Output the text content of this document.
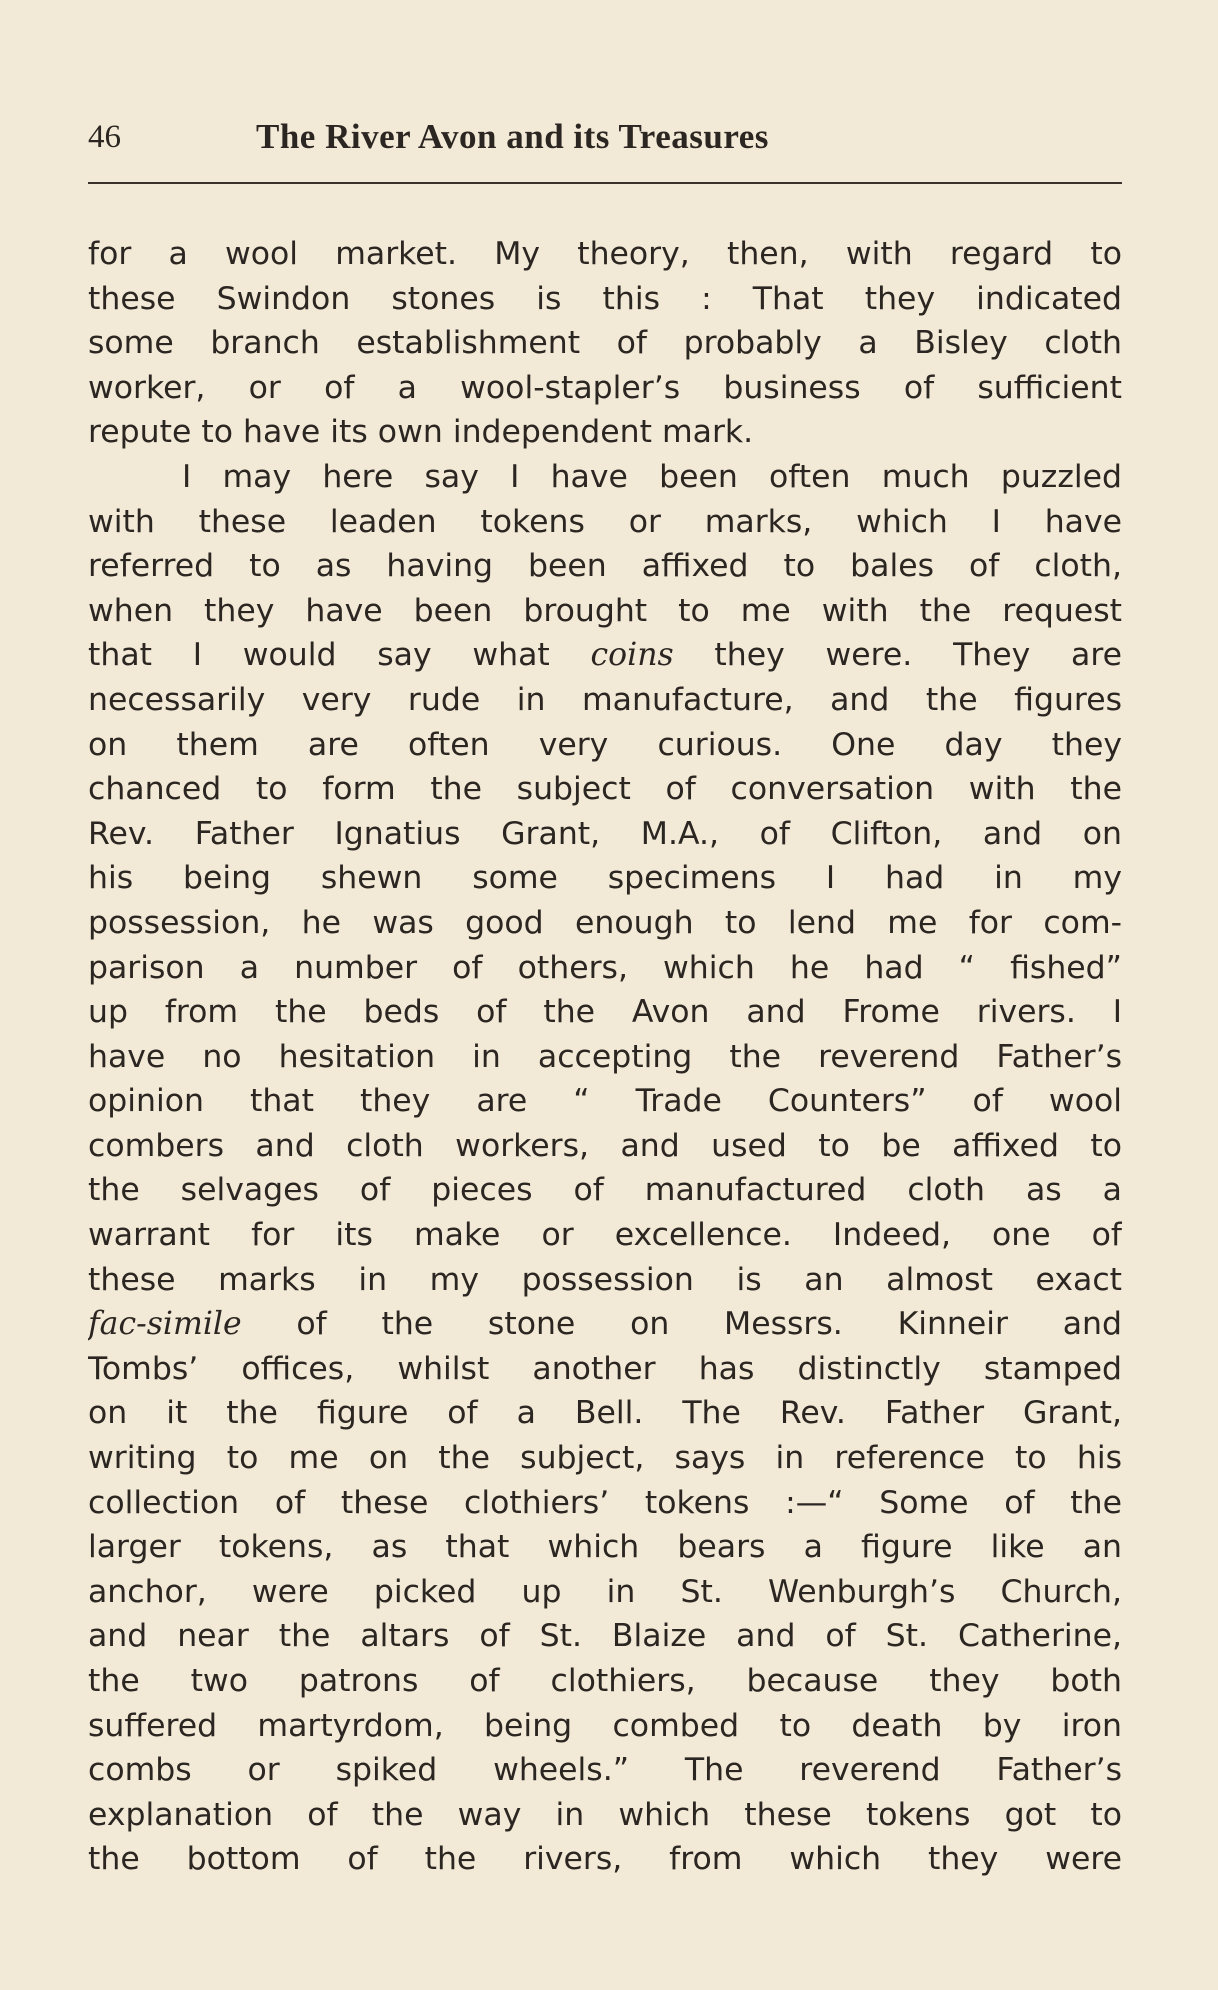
46	The River Avon and its Treasures
for a wool market. My theory, then, with regard to
these Swindon stones is this : That they indicated
some branch establishment of probably a Bisley cloth
worker, or of a wool-stapler’s business of sufficient
repute to have its own independent mark.
I may here say I have been often much puzzled
with these leaden tokens or marks, which I have
referred to as having been affixed to bales of cloth,
when they have been brought to me with the request
that I would say what coins they were. They are
necessarily very rude in manufacture, and the figures
on them are often very curious. One day they
chanced to form the subject of conversation with the
Rev. Father Ignatius Grant, M.A., of Clifton, and on
his being shewn some specimens I had in my
possession, he was good enough to lend me for com-
parison a number of others, which he had “ fished”
up from the beds of the Avon and Frome rivers. I
have no hesitation in accepting the reverend Father’s
opinion that they are “ Trade Counters” of wool
combers and cloth workers, and used to be affixed to
the selvages of pieces of manufactured cloth as a
warrant for its make or excellence. Indeed, one of
these marks in my possession is an almost exact
fac-simile of the stone on Messrs. Kinneir and
Tombs’ offices, whilst another has distinctly stamped
on it the figure of a Bell. The Rev. Father Grant,
writing to me on the subject, says in reference to his
collection of these clothiers’ tokens :—“ Some of the
larger tokens, as that which bears a figure like an
anchor, were picked up in St. Wenburgh’s Church,
and near the altars of St. Blaize and of St. Catherine,
the two patrons of clothiers, because they both
suffered martyrdom, being combed to death by iron
combs or spiked wheels.” The reverend Father’s
explanation of the way in which these tokens got to
the bottom of the rivers, from which they were
